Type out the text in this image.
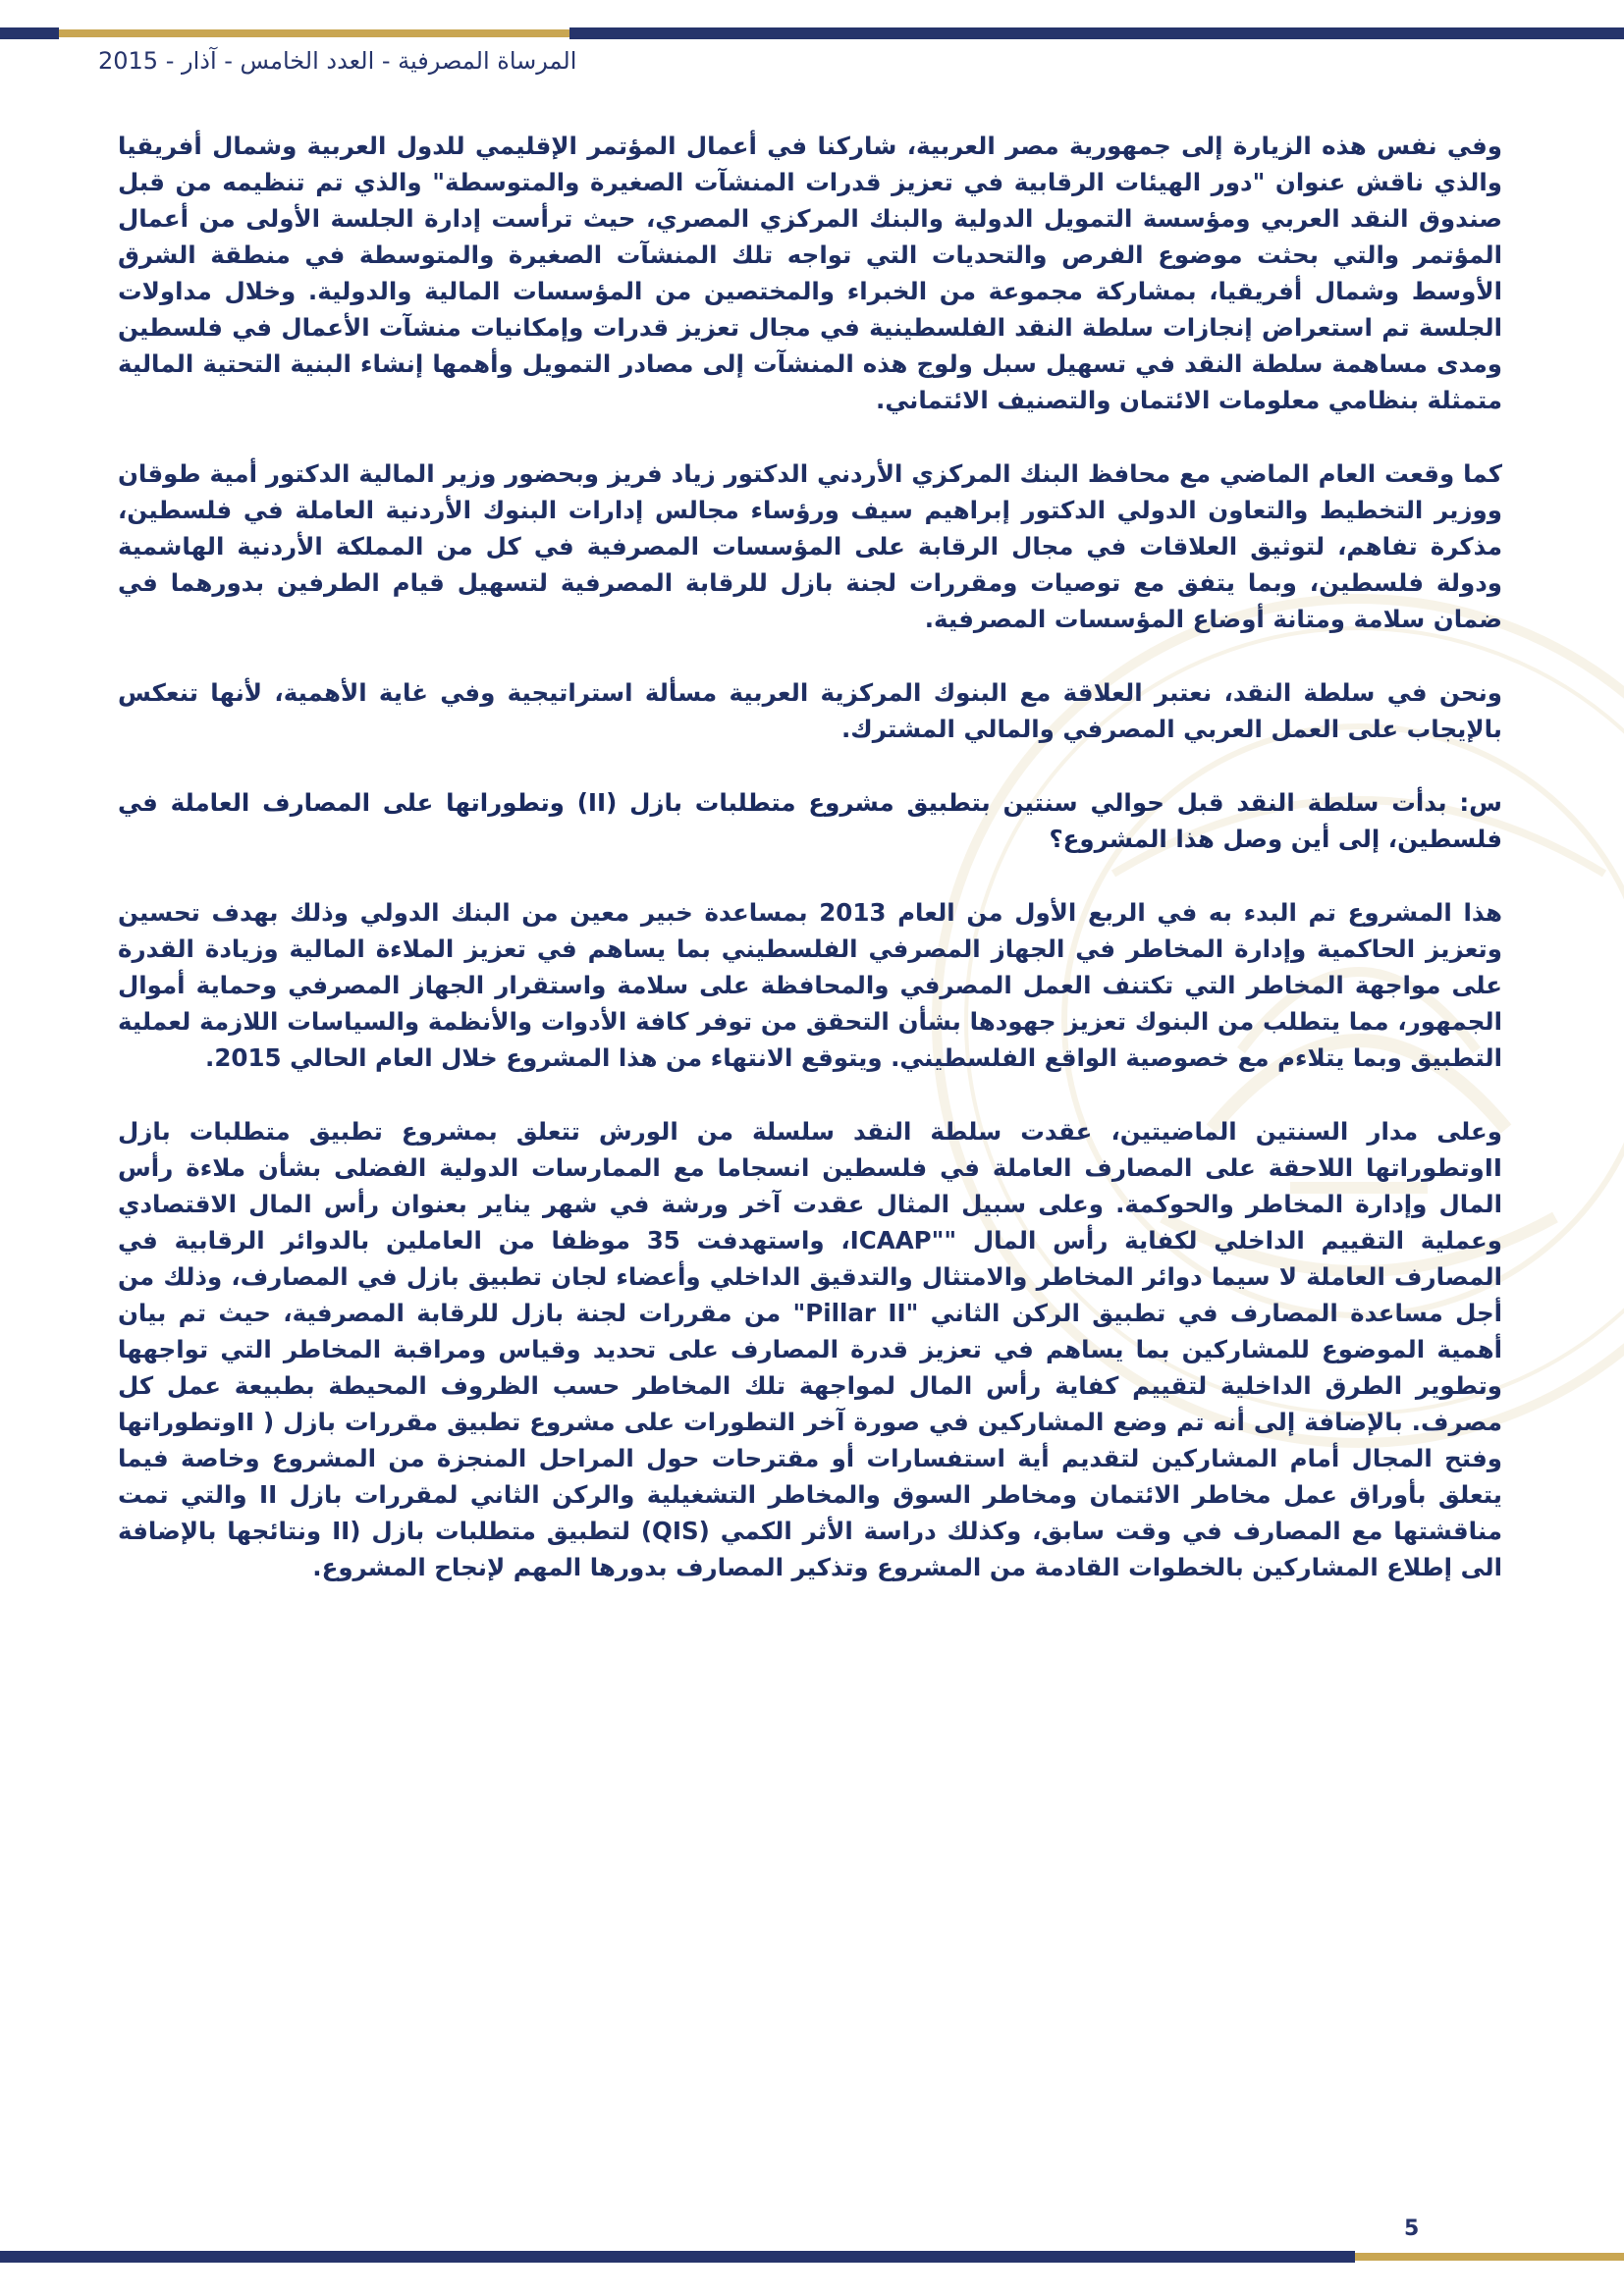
المرساة المصرفية - العدد الخامس - آذار - 2015

وفي نفس هذه الزيارة إلى جمهورية مصر العربية، شاركنا في أعمال المؤتمر الإقليمي للدول العربية وشمال أفريقيا والذي ناقش عنوان "دور الهيئات الرقابية في تعزيز قدرات المنشآت الصغيرة والمتوسطة" والذي تم تنظيمه من قبل صندوق النقد العربي ومؤسسة التمويل الدولية والبنك المركزي المصري، حيث ترأست إدارة الجلسة الأولى من أعمال المؤتمر والتي بحثت موضوع الفرص والتحديات التي تواجه تلك المنشآت الصغيرة والمتوسطة في منطقة الشرق الأوسط وشمال أفريقيا، بمشاركة مجموعة من الخبراء والمختصين من المؤسسات المالية والدولية. وخلال مداولات الجلسة تم استعراض إنجازات سلطة النقد الفلسطينية في مجال تعزيز قدرات وإمكانيات منشآت الأعمال في فلسطين ومدى مساهمة سلطة النقد في تسهيل سبل ولوج هذه المنشآت إلى مصادر التمويل وأهمها إنشاء البنية التحتية المالية متمثلة بنظامي معلومات الائتمان والتصنيف الائتماني.

كما وقعت العام الماضي مع محافظ البنك المركزي الأردني الدكتور زياد فريز وبحضور وزير المالية الدكتور أمية طوقان ووزير التخطيط والتعاون الدولي الدكتور إبراهيم سيف ورؤساء مجالس إدارات البنوك الأردنية العاملة في فلسطين، مذكرة تفاهم، لتوثيق العلاقات في مجال الرقابة على المؤسسات المصرفية في كل من المملكة الأردنية الهاشمية ودولة فلسطين، وبما يتفق مع توصيات ومقررات لجنة بازل للرقابة المصرفية لتسهيل قيام الطرفين بدورهما في ضمان سلامة ومتانة أوضاع المؤسسات المصرفية.

ونحن في سلطة النقد، نعتبر العلاقة مع البنوك المركزية العربية مسألة استراتيجية وفي غاية الأهمية، لأنها تنعكس بالإيجاب على العمل العربي المصرفي والمالي المشترك.

س: بدأت سلطة النقد قبل حوالي سنتين بتطبيق مشروع متطلبات بازل (II) وتطوراتها على المصارف العاملة في فلسطين، إلى أين وصل هذا المشروع؟

هذا المشروع تم البدء به في الربع الأول من العام 2013 بمساعدة خبير معين من البنك الدولي وذلك بهدف تحسين وتعزيز الحاكمية وإدارة المخاطر في الجهاز المصرفي الفلسطيني بما يساهم في تعزيز الملاءة المالية وزيادة القدرة على مواجهة المخاطر التي تكتنف العمل المصرفي والمحافظة على سلامة واستقرار الجهاز المصرفي وحماية أموال الجمهور، مما يتطلب من البنوك تعزيز جهودها بشأن التحقق من توفر كافة الأدوات والأنظمة والسياسات اللازمة لعملية التطبيق وبما يتلاءم مع خصوصية الواقع الفلسطيني. ويتوقع الانتهاء من هذا المشروع خلال العام الحالي 2015.

وعلى مدار السنتين الماضيتين، عقدت سلطة النقد سلسلة من الورش تتعلق بمشروع تطبيق متطلبات بازل IIوتطوراتها اللاحقة على المصارف العاملة في فلسطين انسجاما مع الممارسات الدولية الفضلى بشأن ملاءة رأس المال وإدارة المخاطر والحوكمة. وعلى سبيل المثال عقدت آخر ورشة في شهر يناير بعنوان رأس المال الاقتصادي وعملية التقييم الداخلي لكفاية رأس المال ""ICAAP، واستهدفت 35 موظفا من العاملين بالدوائر الرقابية في المصارف العاملة لا سيما دوائر المخاطر والامتثال والتدقيق الداخلي وأعضاء لجان تطبيق بازل في المصارف، وذلك من أجل مساعدة المصارف في تطبيق الركن الثاني "Pillar II" من مقررات لجنة بازل للرقابة المصرفية، حيث تم بيان أهمية الموضوع للمشاركين بما يساهم في تعزيز قدرة المصارف على تحديد وقياس ومراقبة المخاطر التي تواجهها وتطوير الطرق الداخلية لتقييم كفاية رأس المال لمواجهة تلك المخاطر حسب الظروف المحيطة بطبيعة عمل كل مصرف. بالإضافة إلى أنه تم وضع المشاركين في صورة آخر التطورات على مشروع تطبيق مقررات بازل ( IIوتطوراتها وفتح المجال أمام المشاركين لتقديم أية استفسارات أو مقترحات حول المراحل المنجزة من المشروع وخاصة فيما يتعلق بأوراق عمل مخاطر الائتمان ومخاطر السوق والمخاطر التشغيلية والركن الثاني لمقررات بازل II والتي تمت مناقشتها مع المصارف في وقت سابق، وكذلك دراسة الأثر الكمي (QIS) لتطبيق متطلبات بازل (II ونتائجها بالإضافة الى إطلاع المشاركين بالخطوات القادمة من المشروع وتذكير المصارف بدورها المهم لإنجاح المشروع.

5
